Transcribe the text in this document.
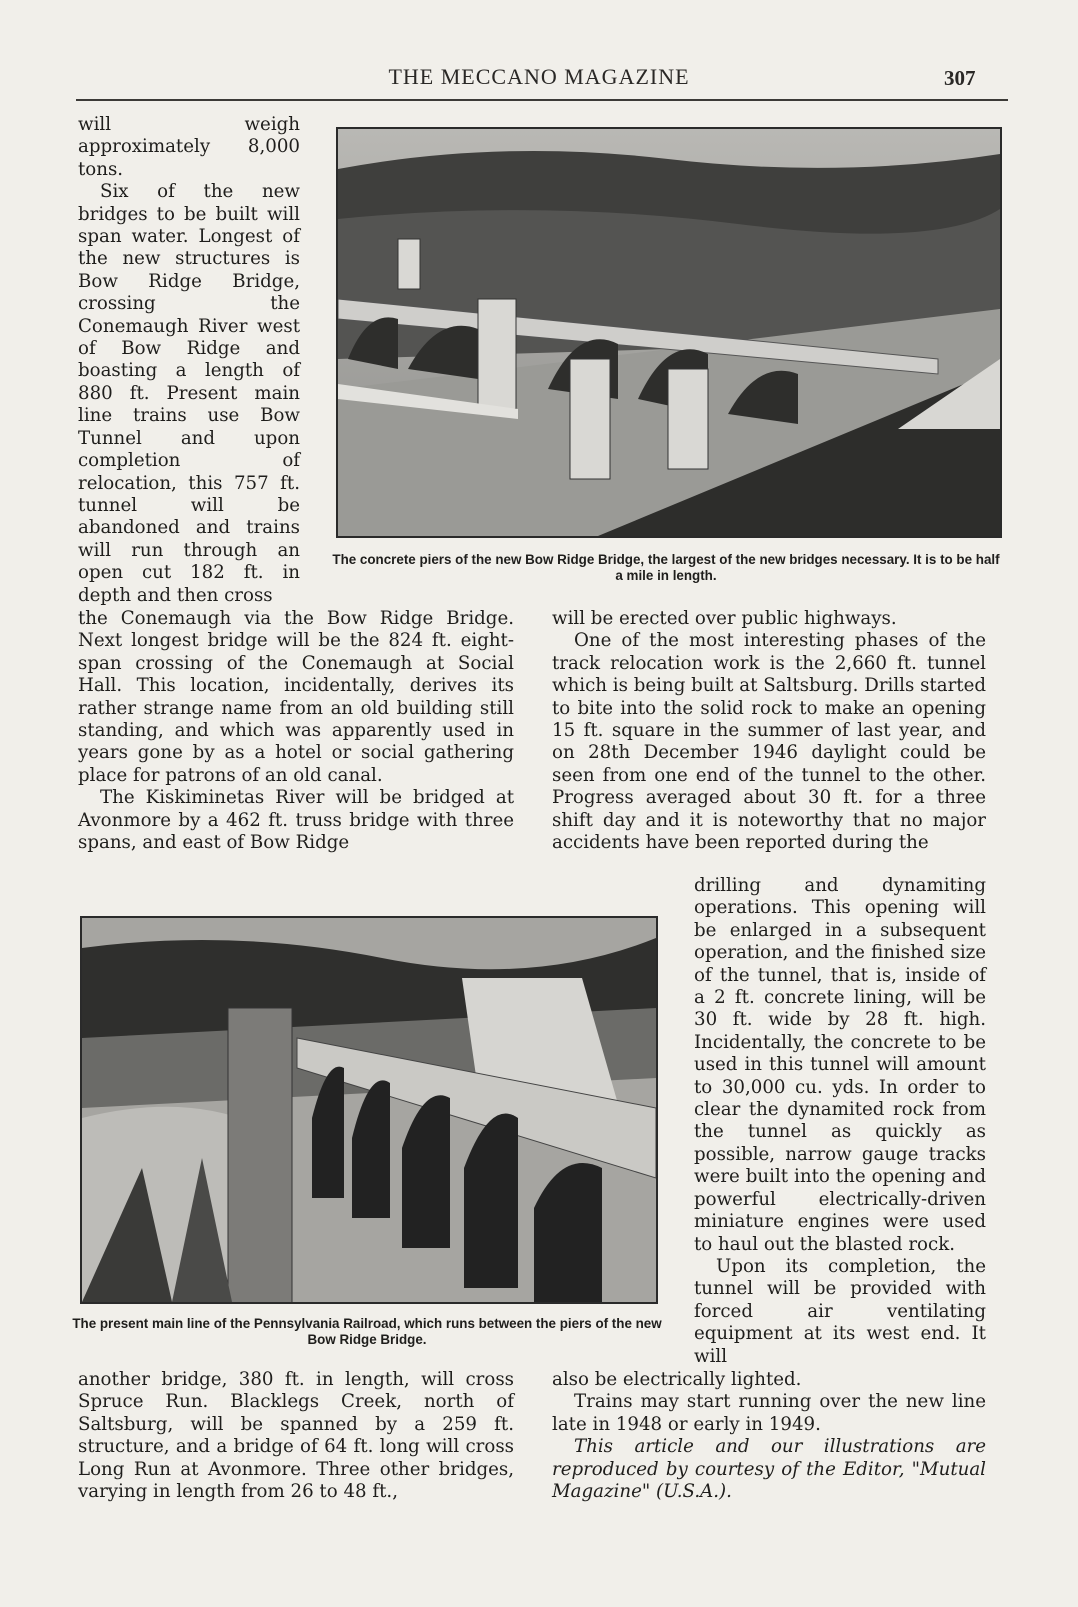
THE MECCANO MAGAZINE	307
The concrete piers of the new Bow Ridge Bridge, the largest of the new bridges necessary. It is to be half a mile in length.

will weigh approximately 8,000 tons.

Six of the new bridges to be built will span water. Longest of the new structures is Bow Ridge Bridge, crossing the Conemaugh River west of Bow Ridge and boasting a length of 880 ft. Present main line trains use Bow Tunnel and upon completion of relocation, this 757 ft. tunnel will be abandoned and trains will run through an open cut 182 ft. in depth and then cross

the Conemaugh via the Bow Ridge Bridge. Next longest bridge will be the 824 ft. eight-span crossing of the Conemaugh at Social Hall. This location, incidentally, derives its rather strange name from an old building still standing, and which was apparently used in years gone by as a hotel or social gathering place for patrons of an old canal.

The Kiskiminetas River will be bridged at Avonmore by a 462 ft. truss bridge with three spans, and east of Bow Ridge

will be erected over public highways.

One of the most interesting phases of the track relocation work is the 2,660 ft. tunnel which is being built at Saltsburg. Drills started to bite into the solid rock to make an opening 15 ft. square in the summer of last year, and on 28th December 1946 daylight could be seen from one end of the tunnel to the other. Progress averaged about 30 ft. for a three shift day and it is noteworthy that no major accidents have been reported during the

The present main line of the Pennsylvania Railroad, which runs between the piers of the new Bow Ridge Bridge.

drilling and dynamiting operations. This opening will be enlarged in a subsequent operation, and the finished size of the tunnel, that is, inside of a 2 ft. concrete lining, will be 30 ft. wide by 28 ft. high. Incidentally, the concrete to be used in this tunnel will amount to 30,000 cu. yds. In order to clear the dynamited rock from the tunnel as quickly as possible, narrow gauge tracks were built into the opening and powerful electrically-driven miniature engines were used to haul out the blasted rock.

Upon its completion, the tunnel will be provided with forced air ventilating equipment at its west end. It will

another bridge, 380 ft. in length, will cross Spruce Run. Blacklegs Creek, north of Saltsburg, will be spanned by a 259 ft. structure, and a bridge of 64 ft. long will cross Long Run at Avonmore. Three other bridges, varying in length from 26 to 48 ft.,

also be electrically lighted.

Trains may start running over the new line late in 1948 or early in 1949.

This article and our illustrations are reproduced by courtesy of the Editor, "Mutual Magazine" (U.S.A.).
